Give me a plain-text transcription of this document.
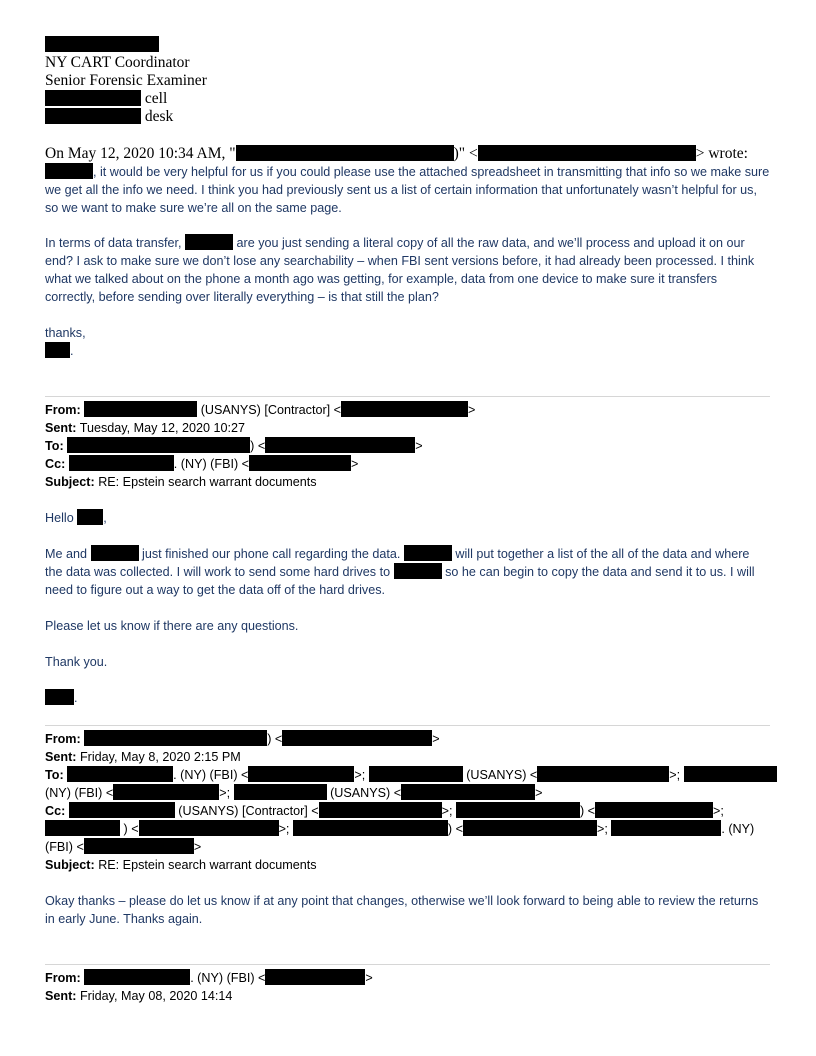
NY CART Coordinator
Senior Forensic Examiner
cell
desk
On May 12, 2020 10:34 AM, "	)" <	> wrote:
, it would be very helpful for us if you could please use the attached spreadsheet in transmitting that info so we make sure we get all the info we need. I think you had previously sent us a list of certain information that unfortunately wasn’t helpful for us, so we want to make sure we’re all on the same page.
In terms of data transfer,	are you just sending a literal copy of all the raw data, and we’ll process and upload it on our end? I ask to make sure we don’t lose any searchability – when FBI sent versions before, it had already been processed. I think what we talked about on the phone a month ago was getting, for example, data from one device to make sure it transfers correctly, before sending over literally everything – is that still the plan?
thanks,
.
From:	(USANYS) [Contractor] <	>
Sent: Tuesday, May 12, 2020 10:27
To:	) <	>
Cc:	. (NY) (FBI) <	>
Subject: RE: Epstein search warrant documents
Hello ,
Me and	just finished our phone call regarding the data.	will put together a list of the all of the data and where the data was collected. I will work to send some hard drives to	so he can begin to copy the data and send it to us. I will need to figure out a way to get the data off of the hard drives.
Please let us know if there are any questions.
Thank you.
.
From:	) <	>
Sent: Friday, May 8, 2020 2:15 PM
To:	. (NY) (FBI) <	>;	(USANYS) <	>;
(NY) (FBI) <	>;	(USANYS) <	>
Cc:	(USANYS) [Contractor] <	>;	) <	>;
) <	>;	) <	>;	. (NY)
(FBI) <	>
Subject: RE: Epstein search warrant documents
Okay thanks – please do let us know if at any point that changes, otherwise we’ll look forward to being able to review the returns in early June. Thanks again.
From:	. (NY) (FBI) <	>
Sent: Friday, May 08, 2020 14:14
